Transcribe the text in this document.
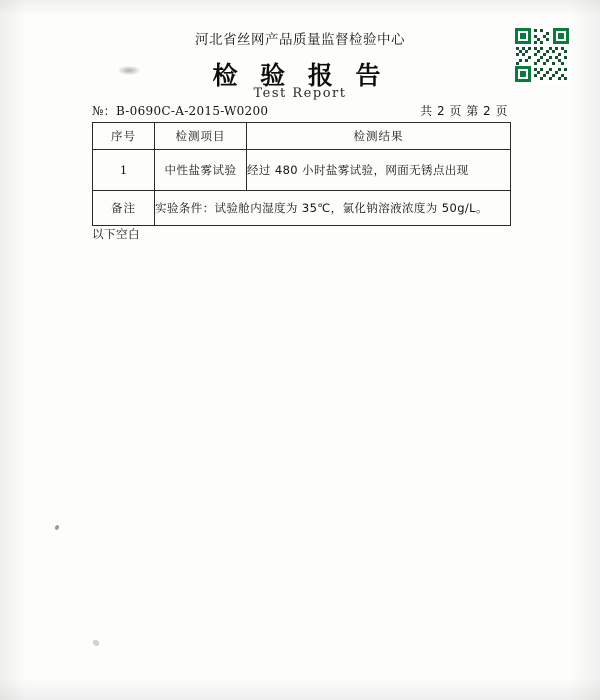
河北省丝网产品质量监督检验中心
检 验 报 告
Test Report
№：B-0690C-A-2015-W0200	共 2 页 第 2 页
序号	检测项目	检测结果
1	中性盐雾试验	经过 480 小时盐雾试验，网面无锈点出现
备注	实验条件：试验舱内湿度为 35℃，氯化钠溶液浓度为 50g/L。	
以下空白
